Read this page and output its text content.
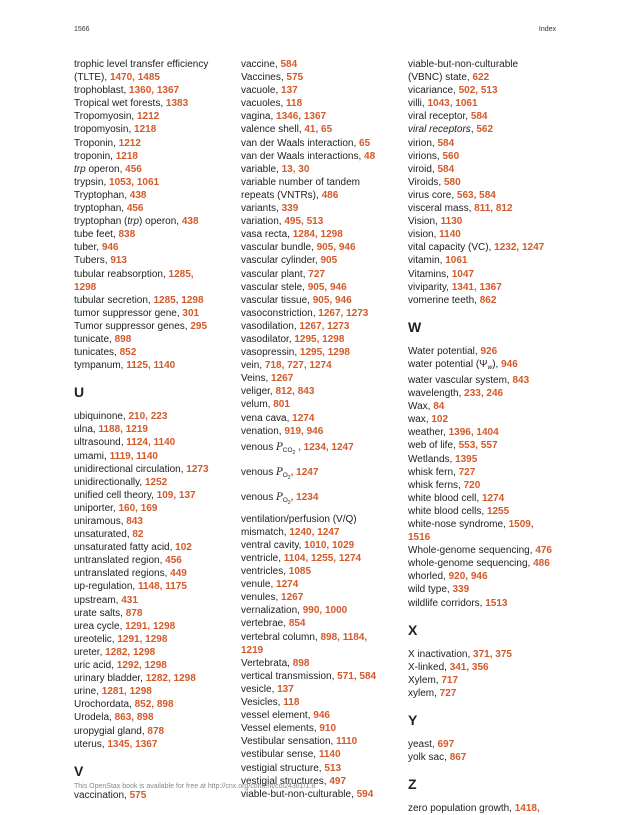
1566	Index
trophic level transfer efficiency
(TLTE), 1470, 1485
trophoblast, 1360, 1367
Tropical wet forests, 1383
Tropomyosin, 1212
tropomyosin, 1218
Troponin, 1212
troponin, 1218
trp operon, 456
trypsin, 1053, 1061
Tryptophan, 438
tryptophan, 456
tryptophan (trp) operon, 438
tube feet, 838
tuber, 946
Tubers, 913
tubular reabsorption, 1285,
1298
tubular secretion, 1285, 1298
tumor suppressor gene, 301
Tumor suppressor genes, 295
tunicate, 898
tunicates, 852
tympanum, 1125, 1140
U
ubiquinone, 210, 223
ulna, 1188, 1219
ultrasound, 1124, 1140
umami, 1119, 1140
unidirectional circulation, 1273
unidirectionally, 1252
unified cell theory, 109, 137
uniporter, 160, 169
uniramous, 843
unsaturated, 82
unsaturated fatty acid, 102
untranslated region, 456
untranslated regions, 449
up-regulation, 1148, 1175
upstream, 431
urate salts, 878
urea cycle, 1291, 1298
ureotelic, 1291, 1298
ureter, 1282, 1298
uric acid, 1292, 1298
urinary bladder, 1282, 1298
urine, 1281, 1298
Urochordata, 852, 898
Urodela, 863, 898
uropygial gland, 878
uterus, 1345, 1367
V
vaccination, 575
vaccine, 584
Vaccines, 575
vacuole, 137
vacuoles, 118
vagina, 1346, 1367
valence shell, 41, 65
van der Waals interaction, 65
van der Waals interactions, 48
variable, 13, 30
variable number of tandem
repeats (VNTRs), 486
variants, 339
variation, 495, 513
vasa recta, 1284, 1298
vascular bundle, 905, 946
vascular cylinder, 905
vascular plant, 727
vascular stele, 905, 946
vascular tissue, 905, 946
vasoconstriction, 1267, 1273
vasodilation, 1267, 1273
vasodilator, 1295, 1298
vasopressin, 1295, 1298
vein, 718, 727, 1274
Veins, 1267
veliger, 812, 843
velum, 801
vena cava, 1274
venation, 919, 946
venous $P_{CO_2}$ , 1234, 1247
venous $P_{O_2}$, 1247
venous $P_{O_2}$, 1234
ventilation/perfusion (V/Q)
mismatch, 1240, 1247
ventral cavity, 1010, 1029
ventricle, 1104, 1255, 1274
ventricles, 1085
venule, 1274
venules, 1267
vernalization, 990, 1000
vertebrae, 854
vertebral column, 898, 1184,
1219
Vertebrata, 898
vertical transmission, 571, 584
vesicle, 137
Vesicles, 118
vessel element, 946
Vessel elements, 910
Vestibular sensation, 1110
vestibular sense, 1140
vestigial structure, 513
vestigial structures, 497
viable-but-non-culturable, 594
viable-but-non-culturable
(VBNC) state, 622
vicariance, 502, 513
villi, 1043, 1061
viral receptor, 584
viral receptors, 562
virion, 584
virions, 560
viroid, 584
Viroids, 580
virus core, 563, 584
visceral mass, 811, 812
Vision, 1130
vision, 1140
vital capacity (VC), 1232, 1247
vitamin, 1061
Vitamins, 1047
viviparity, 1341, 1367
vomerine teeth, 862
W
Water potential, 926
water potential $(\Psi_w)$, 946
water vascular system, 843
wavelength, 233, 246
Wax, 84
wax, 102
weather, 1396, 1404
web of life, 553, 557
Wetlands, 1395
whisk fern, 727
whisk ferns, 720
white blood cell, 1274
white blood cells, 1255
white-nose syndrome, 1509,
1516
Whole-genome sequencing, 476
whole-genome sequencing, 486
whorled, 920, 946
wild type, 339
wildlife corridors, 1513
X
X inactivation, 371, 375
X-linked, 341, 356
Xylem, 717
xylem, 727
Y
yeast, 697
yolk sac, 867
Z
zero population growth, 1418,
This OpenStax book is available for free at http://cnx.org/content/col24361/1.8
